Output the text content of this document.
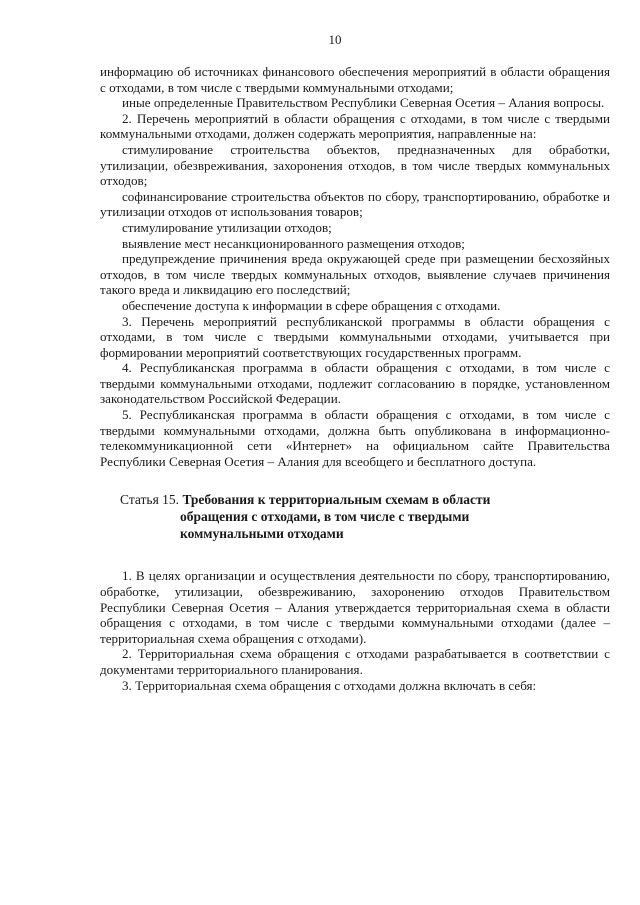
10

информацию об источниках финансового обеспечения мероприятий в области обращения с отходами, в том числе с твердыми коммунальными отходами;

иные определенные Правительством Республики Северная Осетия – Алания вопросы.

2. Перечень мероприятий в области обращения с отходами, в том числе с твердыми коммунальными отходами, должен содержать мероприятия, направленные на:

стимулирование строительства объектов, предназначенных для обработки, утилизации, обезвреживания, захоронения отходов, в том числе твердых коммунальных отходов;

софинансирование строительства объектов по сбору, транспортированию, обработке и утилизации отходов от использования товаров;

стимулирование утилизации отходов;

выявление мест несанкционированного размещения отходов;

предупреждение причинения вреда окружающей среде при размещении бесхозяйных отходов, в том числе твердых коммунальных отходов, выявление случаев причинения такого вреда и ликвидацию его последствий;

обеспечение доступа к информации в сфере обращения с отходами.

3. Перечень мероприятий республиканской программы в области обращения с отходами, в том числе с твердыми коммунальными отходами, учитывается при формировании мероприятий соответствующих государственных программ.

4. Республиканская программа в области обращения с отходами, в том числе с твердыми коммунальными отходами, подлежит согласованию в порядке, установленном законодательством Российской Федерации.

5. Республиканская программа в области обращения с отходами, в том числе с твердыми коммунальными отходами, должна быть опубликована в информационно-телекоммуникационной сети «Интернет» на официальном сайте Правительства Республики Северная Осетия – Алания для всеобщего и бесплатного доступа.

Статья 15. Требования к территориальным схемам в области
обращения с отходами, в том числе с твердыми
коммунальными отходами

1. В целях организации и осуществления деятельности по сбору, транспортированию, обработке, утилизации, обезвреживанию, захоронению отходов Правительством Республики Северная Осетия – Алания утверждается территориальная схема в области обращения с отходами, в том числе с твердыми коммунальными отходами (далее – территориальная схема обращения с отходами).

2. Территориальная схема обращения с отходами разрабатывается в соответствии с документами территориального планирования.

3. Территориальная схема обращения с отходами должна включать в себя:
